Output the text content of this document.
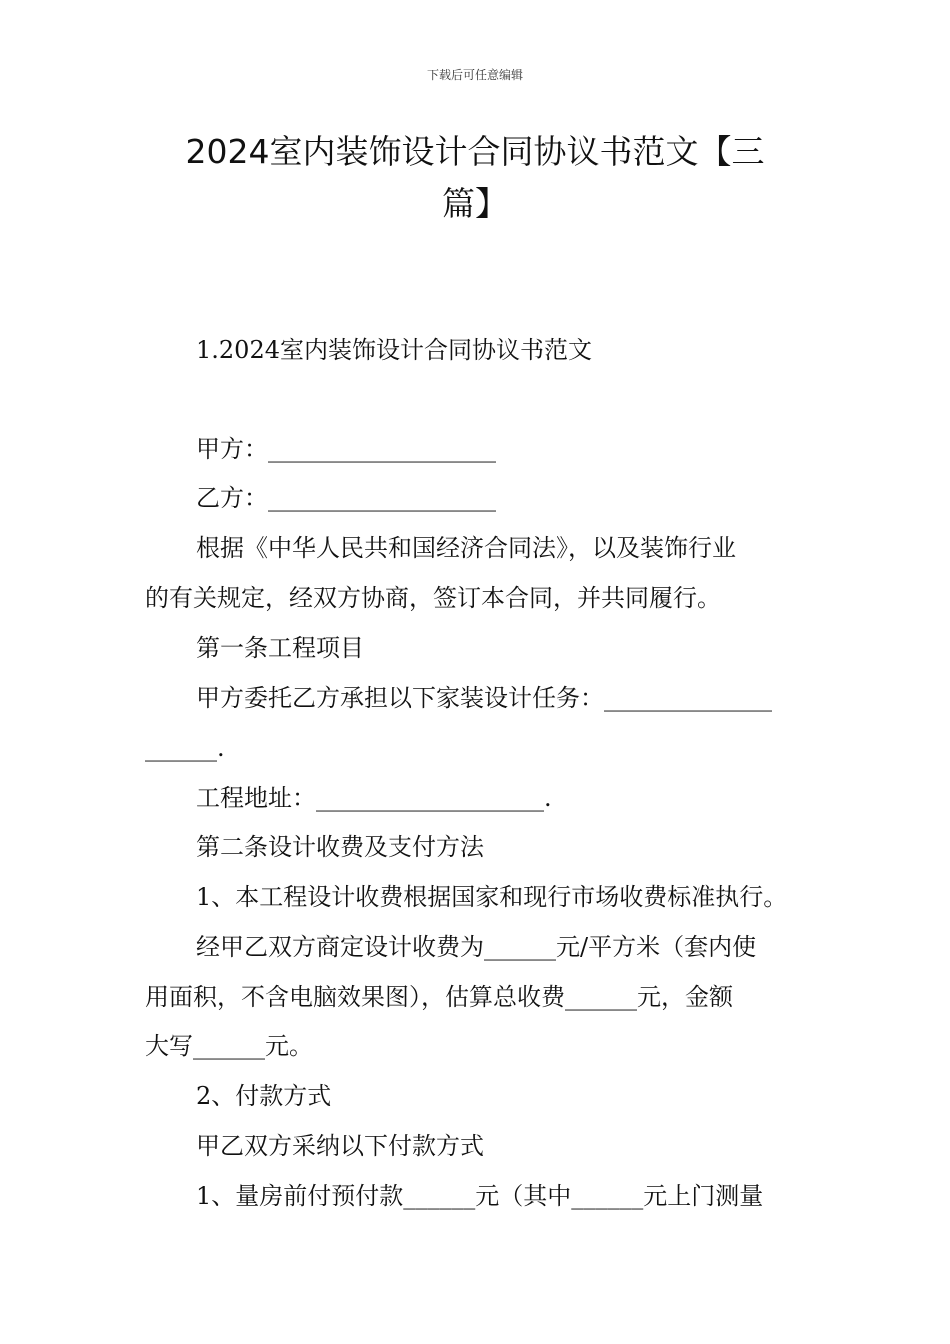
下载后可任意编辑
2024室内装饰设计合同协议书范文【三
篇】
1.2024室内装饰设计合同协议书范文
甲方：___________________
乙方：___________________
根据《中华人民共和国经济合同法》，以及装饰行业
的有关规定，经双方协商，签订本合同，并共同履行。
第一条工程项目
甲方委托乙方承担以下家装设计任务：______________
______.
工程地址：___________________.
第二条设计收费及支付方法
1、本工程设计收费根据国家和现行市场收费标准执行。
经甲乙双方商定设计收费为______元/平方米（套内使
用面积，不含电脑效果图），估算总收费______元，金额
大写______元。
2、付款方式
甲乙双方采纳以下付款方式
1、量房前付预付款______元（其中______元上门测量
